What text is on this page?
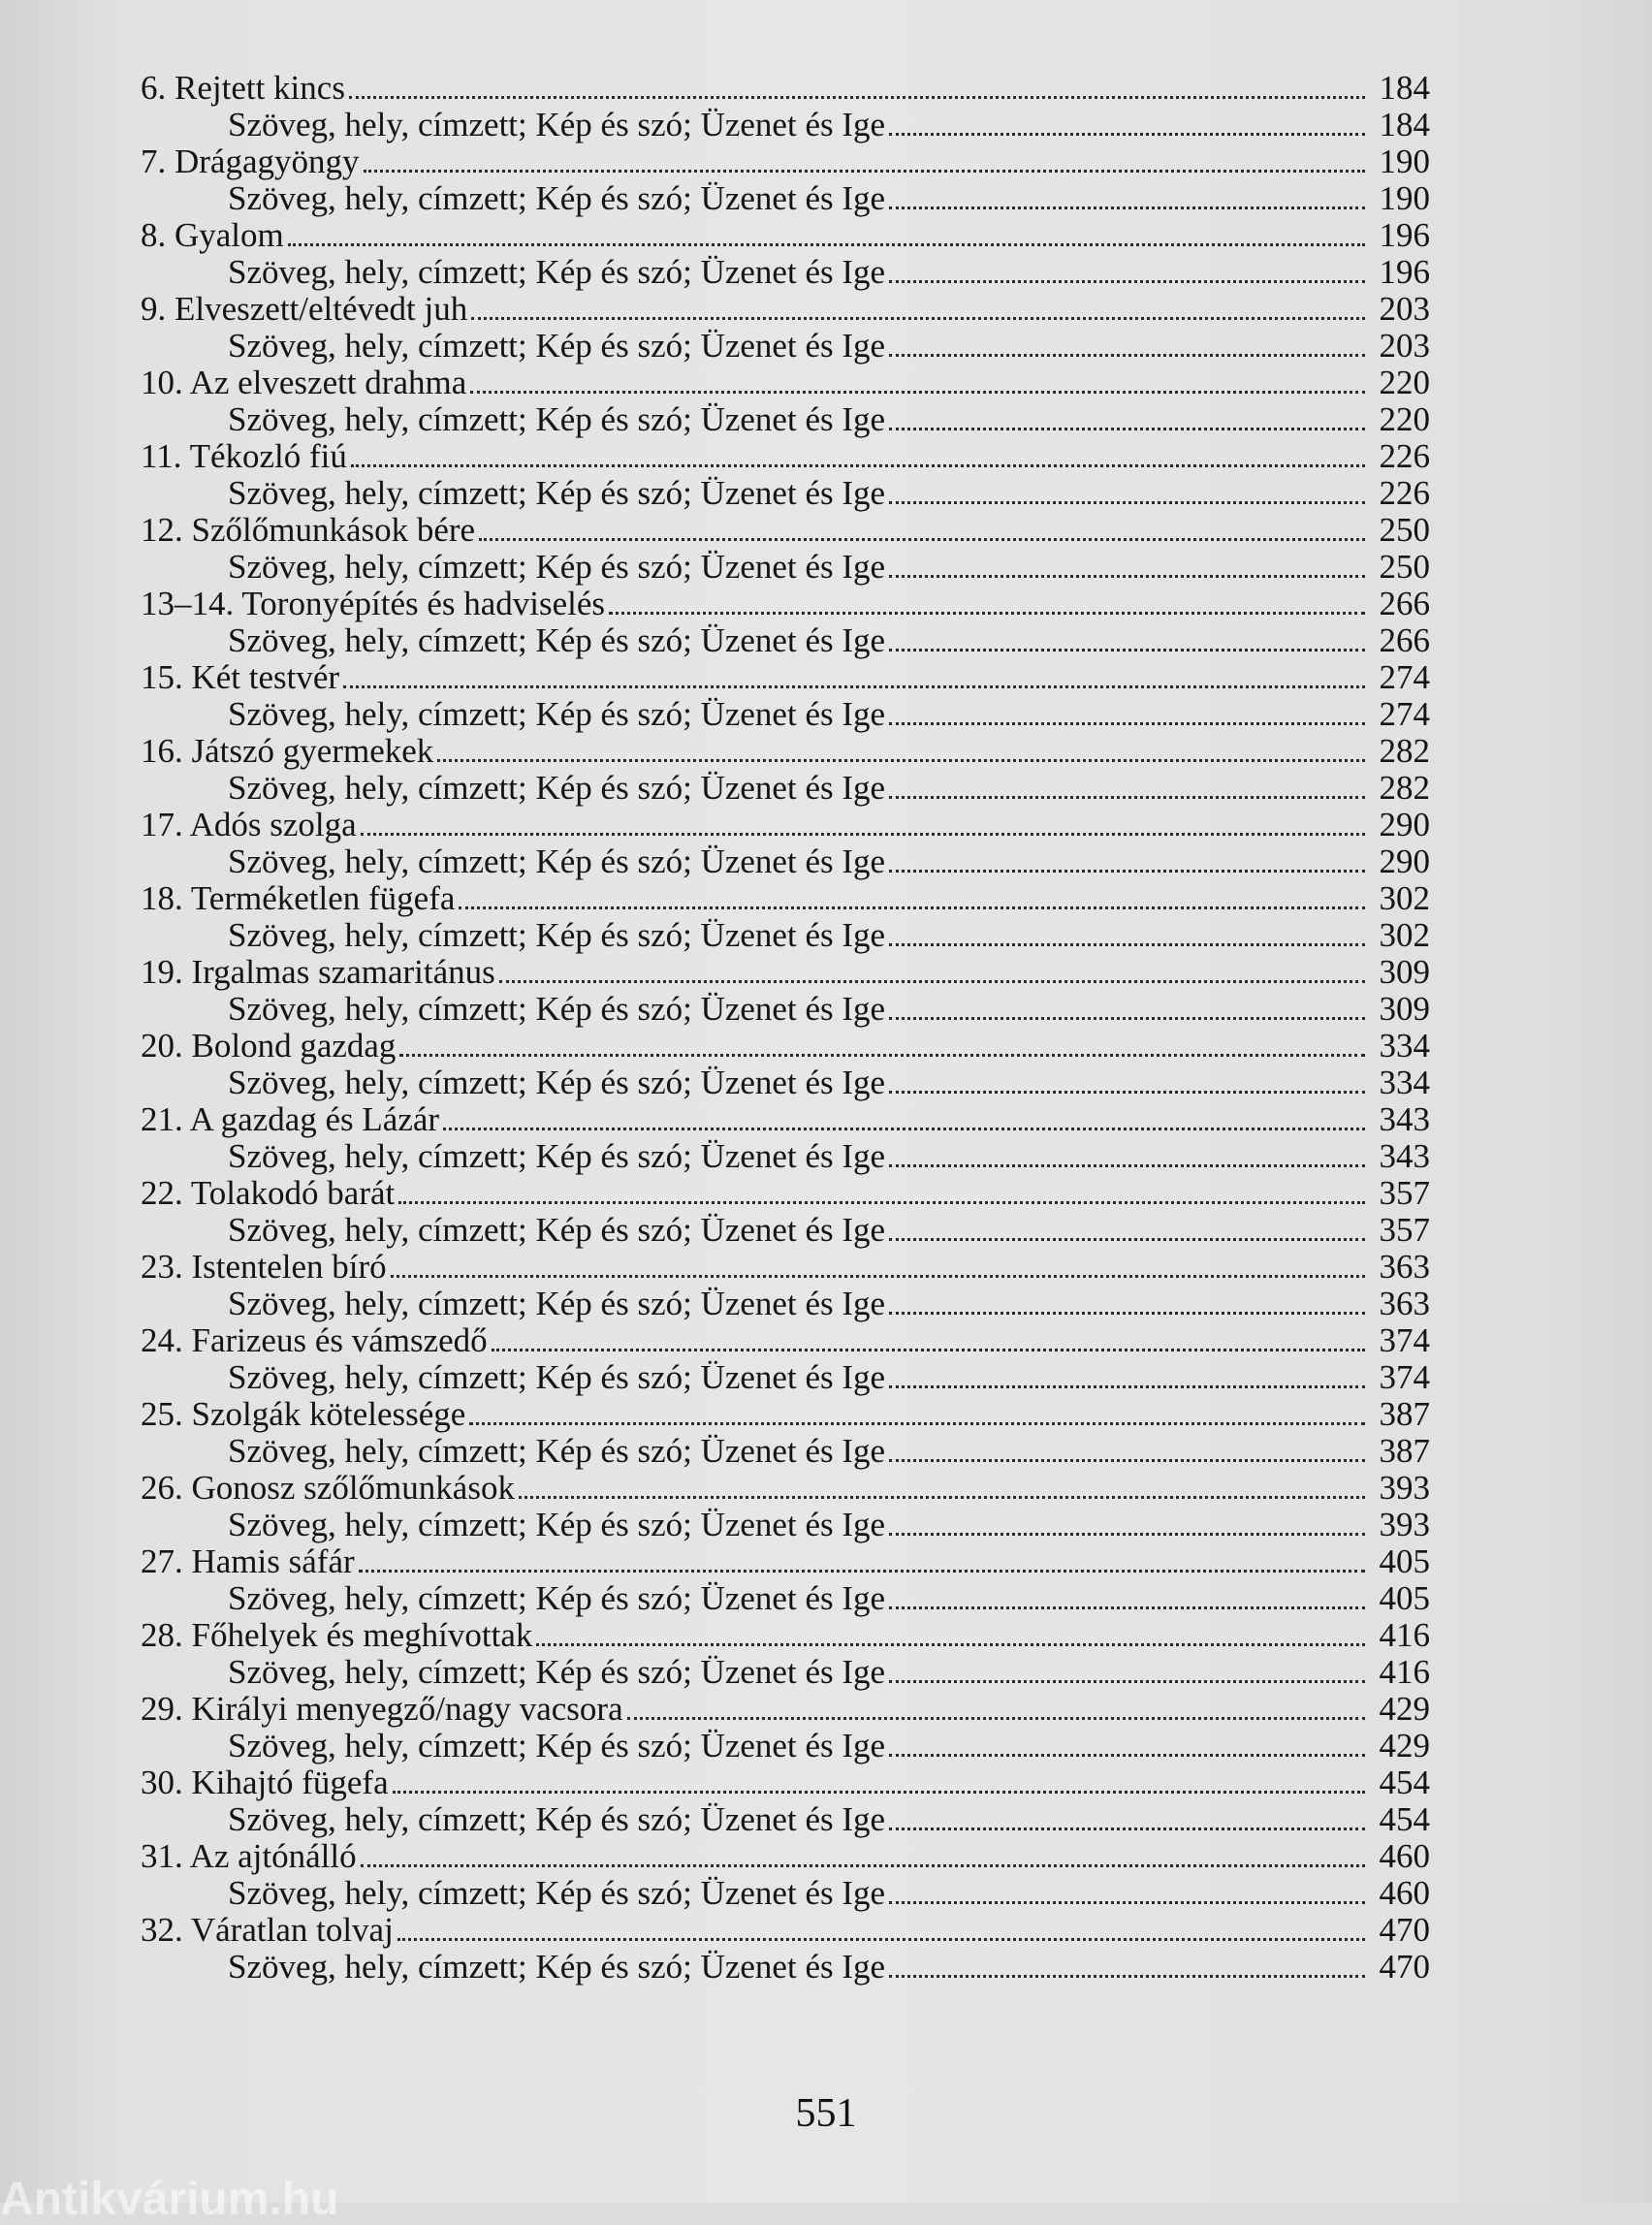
6. Rejtett kincs	184
Szöveg, hely, címzett; Kép és szó; Üzenet és Ige	184
7. Drágagyöngy	190
Szöveg, hely, címzett; Kép és szó; Üzenet és Ige	190
8. Gyalom	196
Szöveg, hely, címzett; Kép és szó; Üzenet és Ige	196
9. Elveszett/eltévedt juh	203
Szöveg, hely, címzett; Kép és szó; Üzenet és Ige	203
10. Az elveszett drahma	220
Szöveg, hely, címzett; Kép és szó; Üzenet és Ige	220
11. Tékozló fiú	226
Szöveg, hely, címzett; Kép és szó; Üzenet és Ige	226
12. Szőlőmunkások bére	250
Szöveg, hely, címzett; Kép és szó; Üzenet és Ige	250
13–14. Toronyépítés és hadviselés	266
Szöveg, hely, címzett; Kép és szó; Üzenet és Ige	266
15. Két testvér	274
Szöveg, hely, címzett; Kép és szó; Üzenet és Ige	274
16. Játszó gyermekek	282
Szöveg, hely, címzett; Kép és szó; Üzenet és Ige	282
17. Adós szolga	290
Szöveg, hely, címzett; Kép és szó; Üzenet és Ige	290
18. Terméketlen fügefa	302
Szöveg, hely, címzett; Kép és szó; Üzenet és Ige	302
19. Irgalmas szamaritánus	309
Szöveg, hely, címzett; Kép és szó; Üzenet és Ige	309
20. Bolond gazdag	334
Szöveg, hely, címzett; Kép és szó; Üzenet és Ige	334
21. A gazdag és Lázár	343
Szöveg, hely, címzett; Kép és szó; Üzenet és Ige	343
22. Tolakodó barát	357
Szöveg, hely, címzett; Kép és szó; Üzenet és Ige	357
23. Istentelen bíró	363
Szöveg, hely, címzett; Kép és szó; Üzenet és Ige	363
24. Farizeus és vámszedő	374
Szöveg, hely, címzett; Kép és szó; Üzenet és Ige	374
25. Szolgák kötelessége	387
Szöveg, hely, címzett; Kép és szó; Üzenet és Ige	387
26. Gonosz szőlőmunkások	393
Szöveg, hely, címzett; Kép és szó; Üzenet és Ige	393
27. Hamis sáfár	405
Szöveg, hely, címzett; Kép és szó; Üzenet és Ige	405
28. Főhelyek és meghívottak	416
Szöveg, hely, címzett; Kép és szó; Üzenet és Ige	416
29. Királyi menyegző/nagy vacsora	429
Szöveg, hely, címzett; Kép és szó; Üzenet és Ige	429
30. Kihajtó fügefa	454
Szöveg, hely, címzett; Kép és szó; Üzenet és Ige	454
31. Az ajtónálló	460
Szöveg, hely, címzett; Kép és szó; Üzenet és Ige	460
32. Váratlan tolvaj	470
Szöveg, hely, címzett; Kép és szó; Üzenet és Ige	470
551
Antikvárium.hu
